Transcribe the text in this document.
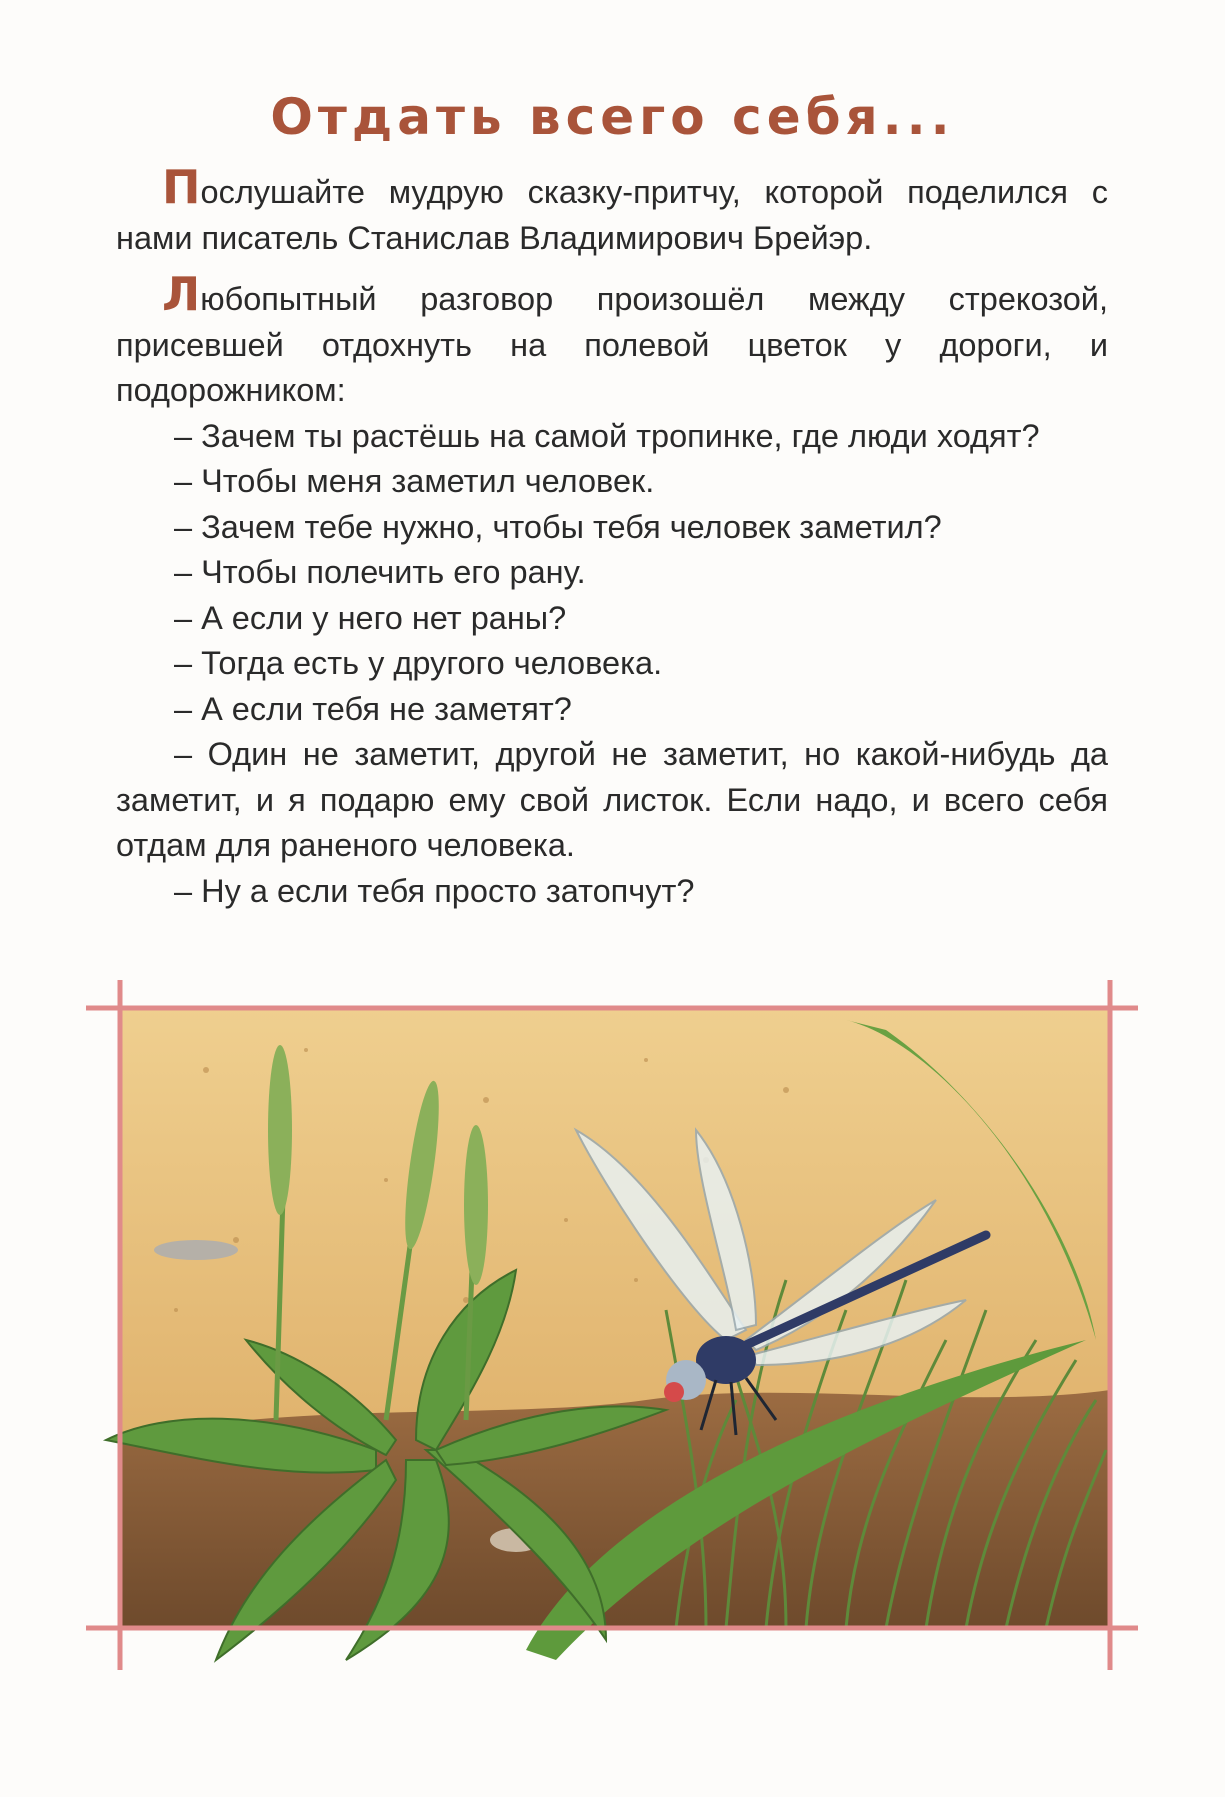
Отдать всего себя...

Послушайте мудрую сказку-притчу, которой поделился с нами писатель Станислав Владимирович Брейэр.

Любопытный разговор произошёл между стрекозой, присевшей отдохнуть на полевой цветок у дороги, и подорожником:

– Зачем ты растёшь на самой тропинке, где люди ходят?
– Чтобы меня заметил человек.
– Зачем тебе нужно, чтобы тебя человек заметил?
– Чтобы полечить его рану.
– А если у него нет раны?
– Тогда есть у другого человека.
– А если тебя не заметят?

– Один не заметит, другой не заметит, но какой-нибудь да заметит, и я подарю ему свой листок. Если надо, и всего себя отдам для раненого человека.

– Ну а если тебя просто затопчут?
